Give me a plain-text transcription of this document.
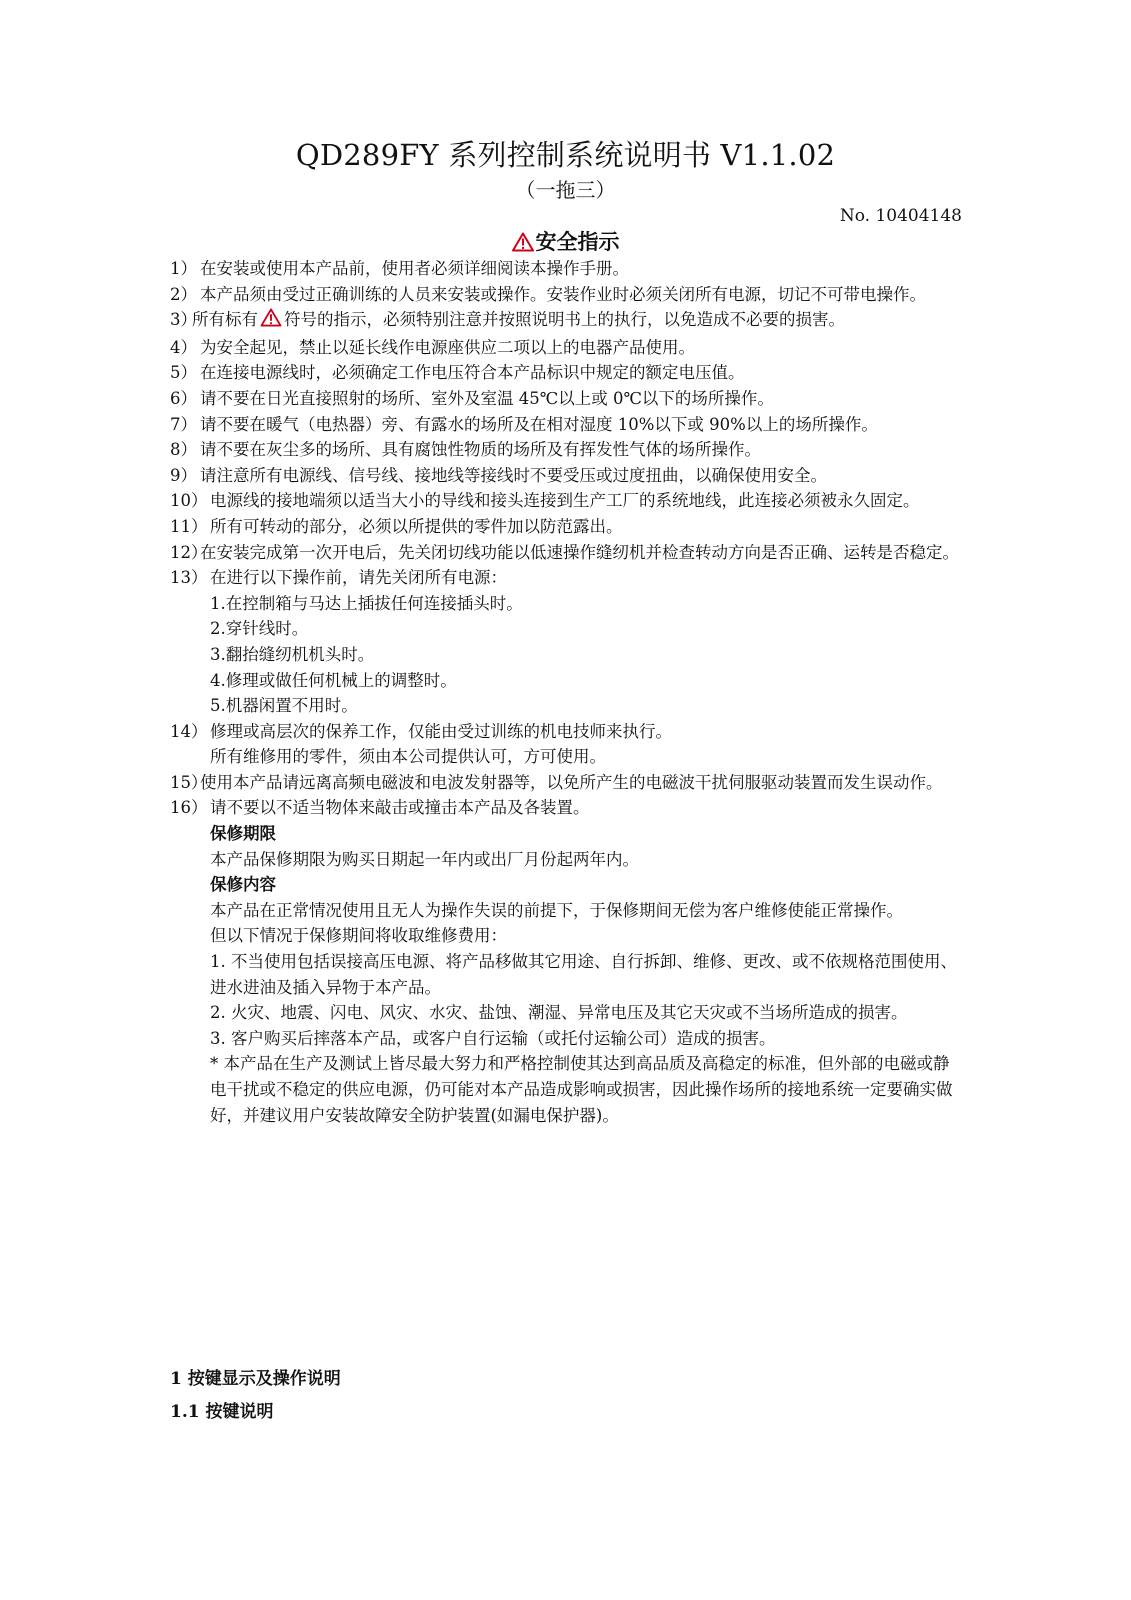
QD289FY 系列控制系统说明书 V1.1.02
（一拖三）
No. 10404148
安全指示
1） 在安装或使用本产品前，使用者必须详细阅读本操作手册。
2） 本产品须由受过正确训练的人员来安装或操作。安装作业时必须关闭所有电源，切记不可带电操作。
3）
所有标有 符号的指示，必须特别注意并按照说明书上的执行，以免造成不必要的损害。
4） 为安全起见，禁止以延长线作电源座供应二项以上的电器产品使用。
5） 在连接电源线时，必须确定工作电压符合本产品标识中规定的额定电压值。
6） 请不要在日光直接照射的场所、室外及室温 45℃以上或 0℃以下的场所操作。
7） 请不要在暖气（电热器）旁、有露水的场所及在相对湿度 10%以下或 90%以上的场所操作。
8） 请不要在灰尘多的场所、具有腐蚀性物质的场所及有挥发性气体的场所操作。
9） 请注意所有电源线、信号线、接地线等接线时不要受压或过度扭曲，以确保使用安全。
10） 电源线的接地端须以适当大小的导线和接头连接到生产工厂的系统地线，此连接必须被永久固定。
11） 所有可转动的部分，必须以所提供的零件加以防范露出。
12）
在安装完成第一次开电后，先关闭切线功能以低速操作缝纫机并检查转动方向是否正确、运转是否稳定。
13） 在进行以下操作前，请先关闭所有电源：
1.在控制箱与马达上插拔任何连接插头时。
2.穿针线时。
3.翻抬缝纫机机头时。
4.修理或做任何机械上的调整时。
5.机器闲置不用时。
14） 修理或高层次的保养工作，仅能由受过训练的机电技师来执行。
所有维修用的零件，须由本公司提供认可，方可使用。
15）
使用本产品请远离高频电磁波和电波发射器等，以免所产生的电磁波干扰伺服驱动装置而发生误动作。
16） 请不要以不适当物体来敲击或撞击本产品及各装置。
保修期限
本产品保修期限为购买日期起一年内或出厂月份起两年内。
保修内容
本产品在正常情况使用且无人为操作失误的前提下，于保修期间无偿为客户维修使能正常操作。
但以下情况于保修期间将收取维修费用：
1. 不当使用包括误接高压电源、将产品移做其它用途、自行拆卸、维修、更改、或不依规格范围使用、进水进油及插入异物于本产品。
2. 火灾、地震、闪电、风灾、水灾、盐蚀、潮湿、异常电压及其它天灾或不当场所造成的损害。
3. 客户购买后摔落本产品，或客户自行运输（或托付运输公司）造成的损害。
* 本产品在生产及测试上皆尽最大努力和严格控制使其达到高品质及高稳定的标准，但外部的电磁或静电干扰或不稳定的供应电源，仍可能对本产品造成影响或损害，因此操作场所的接地系统一定要确实做好，并建议用户安装故障安全防护装置(如漏电保护器)。
1 按键显示及操作说明
1.1 按键说明
